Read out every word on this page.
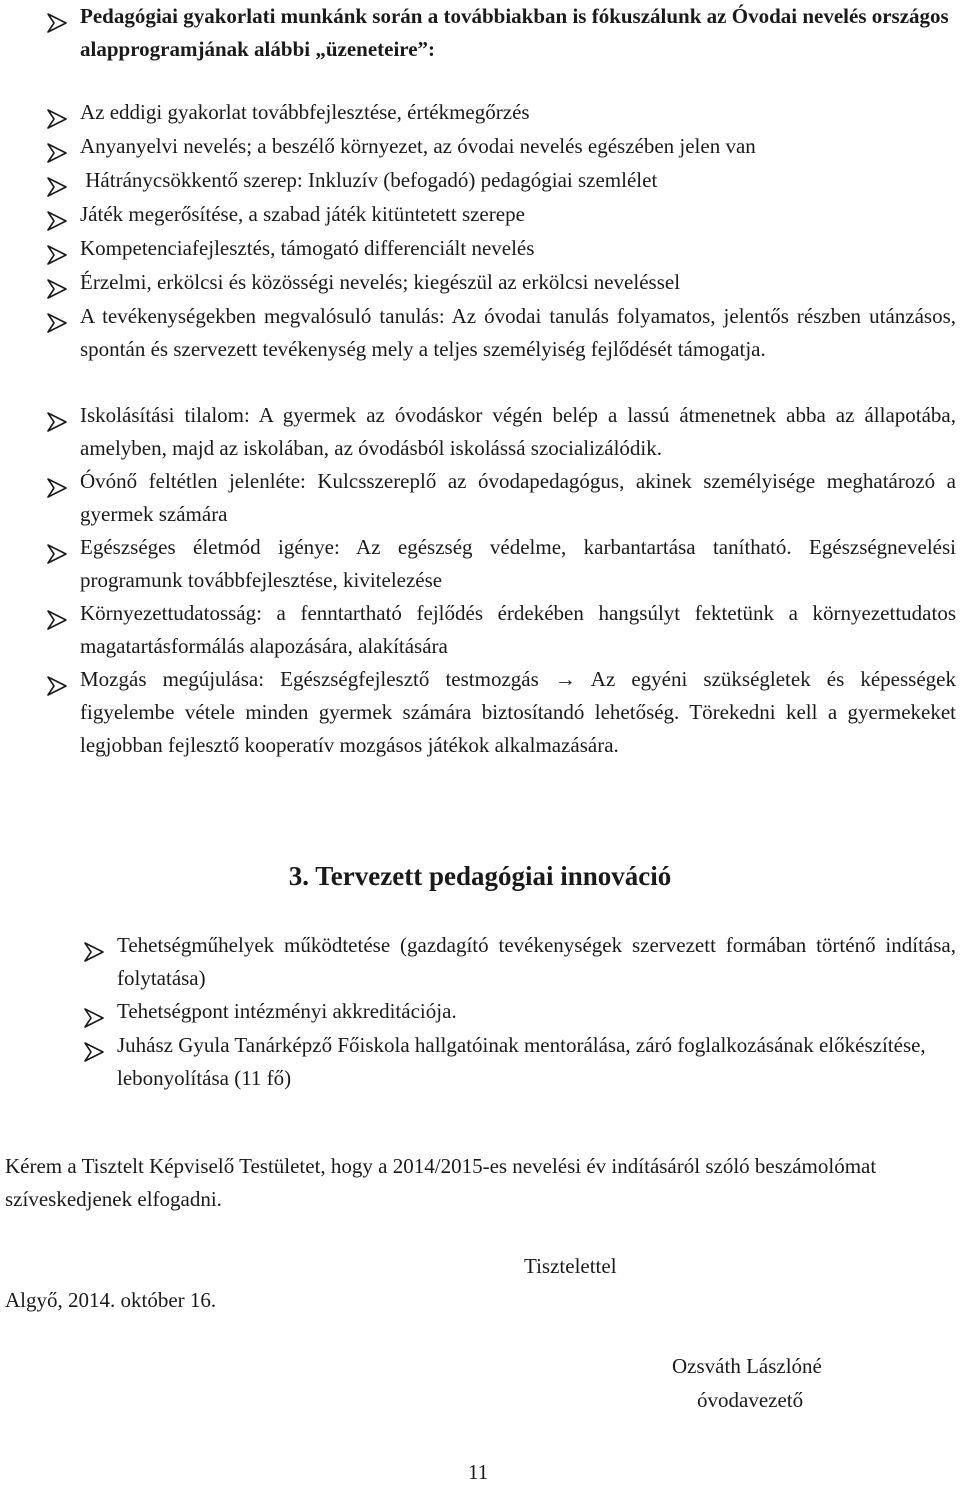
Pedagógiai gyakorlati munkánk során a továbbiakban is fókuszálunk az Óvodai nevelés országos alapprogramjának alábbi „üzeneteire”:
Az eddigi gyakorlat továbbfejlesztése, értékmegőrzés
Anyanyelvi nevelés; a beszélő környezet, az óvodai nevelés egészében jelen van
Hátránycsökkentő szerep: Inkluzív (befogadó) pedagógiai szemlélet
Játék megerősítése, a szabad játék kitüntetett szerepe
Kompetenciafejlesztés, támogató differenciált nevelés
Érzelmi, erkölcsi és közösségi nevelés; kiegészül az erkölcsi neveléssel
A tevékenységekben megvalósuló tanulás: Az óvodai tanulás folyamatos, jelentős részben utánzásos, spontán és szervezett tevékenység mely a teljes személyiség fejlődését támogatja.
Iskolásítási tilalom: A gyermek az óvodáskor végén belép a lassú átmenetnek abba az állapotába, amelyben, majd az iskolában, az óvodásból iskolássá szocializálódik.
Óvónő feltétlen jelenléte: Kulcsszereplő az óvodapedagógus, akinek személyisége meghatározó a gyermek számára
Egészséges életmód igénye: Az egészség védelme, karbantartása tanítható. Egészségnevelési programunk továbbfejlesztése, kivitelezése
Környezettudatosság: a fenntartható fejlődés érdekében hangsúlyt fektetünk a környezettudatos magatartásformálás alapozására, alakítására
Mozgás megújulása: Egészségfejlesztő testmozgás → Az egyéni szükségletek és képességek figyelembe vétele minden gyermek számára biztosítandó lehetőség. Törekedni kell a gyermekeket legjobban fejlesztő kooperatív mozgásos játékok alkalmazására.
3. Tervezett pedagógiai innováció
Tehetségműhelyek működtetése (gazdagító tevékenységek szervezett formában történő indítása, folytatása)
Tehetségpont intézményi akkreditációja.
Juhász Gyula Tanárképző Főiskola hallgatóinak mentorálása, záró foglalkozásának előkészítése, lebonyolítása (11 fő)
Kérem a Tisztelt Képviselő Testületet, hogy a 2014/2015-es nevelési év indításáról szóló beszámolómat szíveskedjenek elfogadni.
Tisztelettel
Algyő, 2014. október 16.
Ozsváth Lászlóné
óvodavezető
11
